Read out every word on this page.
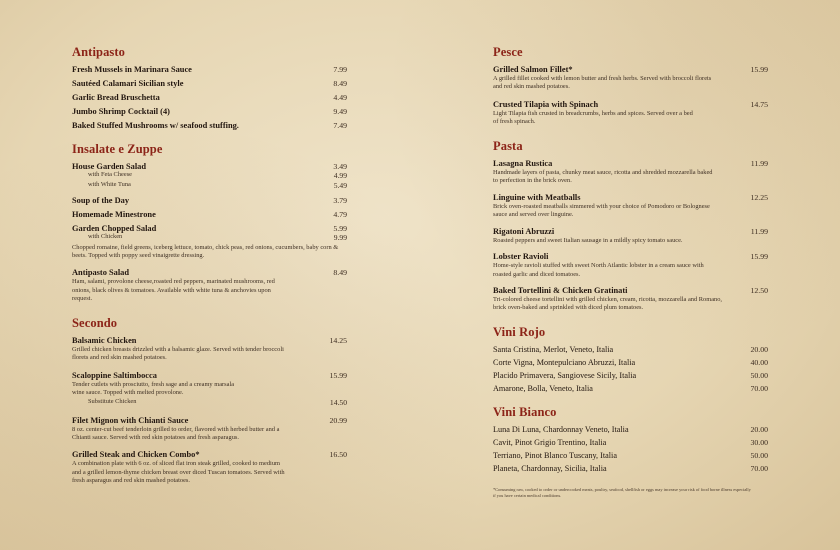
Antipasto
Fresh Mussels in Marinara Sauce	7.99
Sautéed Calamari Sicilian style	8.49
Garlic Bread Bruschetta	4.49
Jumbo Shrimp Cocktail (4)	9.49
Baked Stuffed Mushrooms w/ seafood stuffing.	7.49
Insalate e Zuppe
House Garden Salad	3.49
with Feta Cheese	4.99
with White Tuna	5.49
Soup of the Day	3.79
Homemade Minestrone	4.79
Garden Chopped Salad	5.99
with Chicken	9.99
Chopped romaine, field greens, iceberg lettuce, tomato, chick peas, red onions, cucumbers, baby corn & beets. Topped with poppy seed vinaigrette dressing.
Antipasto Salad	8.49
Ham, salami, provolone cheese,roasted red peppers, marinated mushrooms, red onions, black olives & tomatoes. Available with white tuna & anchovies upon request.
Secondo
Balsamic Chicken	14.25
Grilled chicken breasts drizzled with a balsamic glaze. Served with tender broccoli florets and red skin mashed potatoes.
Scaloppine Saltimbocca	15.99
Tender cutlets with prosciutto, fresh sage and a creamy marsala wine sauce. Topped with melted provolone.
Substitute Chicken	14.50
Filet Mignon with Chianti Sauce	20.99
8 oz. center-cut beef tenderloin grilled to order, flavored with herbed butter and a Chianti sauce. Served with red skin potatoes and fresh asparagus.
Grilled Steak and Chicken Combo*	16.50
A combination plate with 6 oz. of sliced flat iron steak grilled, cooked to medium and a grilled lemon-thyme chicken breast over diced Tuscan tomatoes. Served with fresh asparagus and red skin mashed potatoes.
Pesce
Grilled Salmon Fillet*	15.99
A grilled fillet cooked with lemon butter and fresh herbs. Served with broccoli florets and red skin mashed potatoes.
Crusted Tilapia with Spinach	14.75
Light Tilapia fish crusted in breadcrumbs, herbs and spices. Served over a bed of fresh spinach.
Pasta
Lasagna Rustica	11.99
Handmade layers of pasta, chunky meat sauce, ricotta and shredded mozzarella baked to perfection in the brick oven.
Linguine with Meatballs	12.25
Brick oven-roasted meatballs simmered with your choice of Pomodoro or Bolognese sauce and served over linguine.
Rigatoni Abruzzi	11.99
Roasted peppers and sweet Italian sausage in a mildly spicy tomato sauce.
Lobster Ravioli	15.99
Home-style ravioli stuffed with sweet North Atlantic lobster in a cream sauce with roasted garlic and diced tomatoes.
Baked Tortellini & Chicken Gratinati	12.50
Tri-colored cheese tortellini with grilled chicken, cream, ricotta, mozzarella and Romano, brick oven-baked and sprinkled with diced plum tomatoes.
Vini Rojo
Santa Cristina, Merlot, Veneto, Italia	20.00
Corte Vigna, Montepulciano Abruzzi, Italia	40.00
Placido Primavera, Sangiovese Sicily, Italia	50.00
Amarone, Bolla, Veneto, Italia	70.00
Vini Bianco
Luna Di Luna, Chardonnay Veneto, Italia	20.00
Cavit, Pinot Grigio Trentino, Italia	30.00
Terriano, Pinot Blanco Tuscany, Italia	50.00
Planeta, Chardonnay, Sicilia, Italia	70.00
*Consuming raw, cooked to order or undercooked meats, poultry, seafood, shellfish or eggs may increase your risk of food borne illness especially if you have certain medical conditions.
